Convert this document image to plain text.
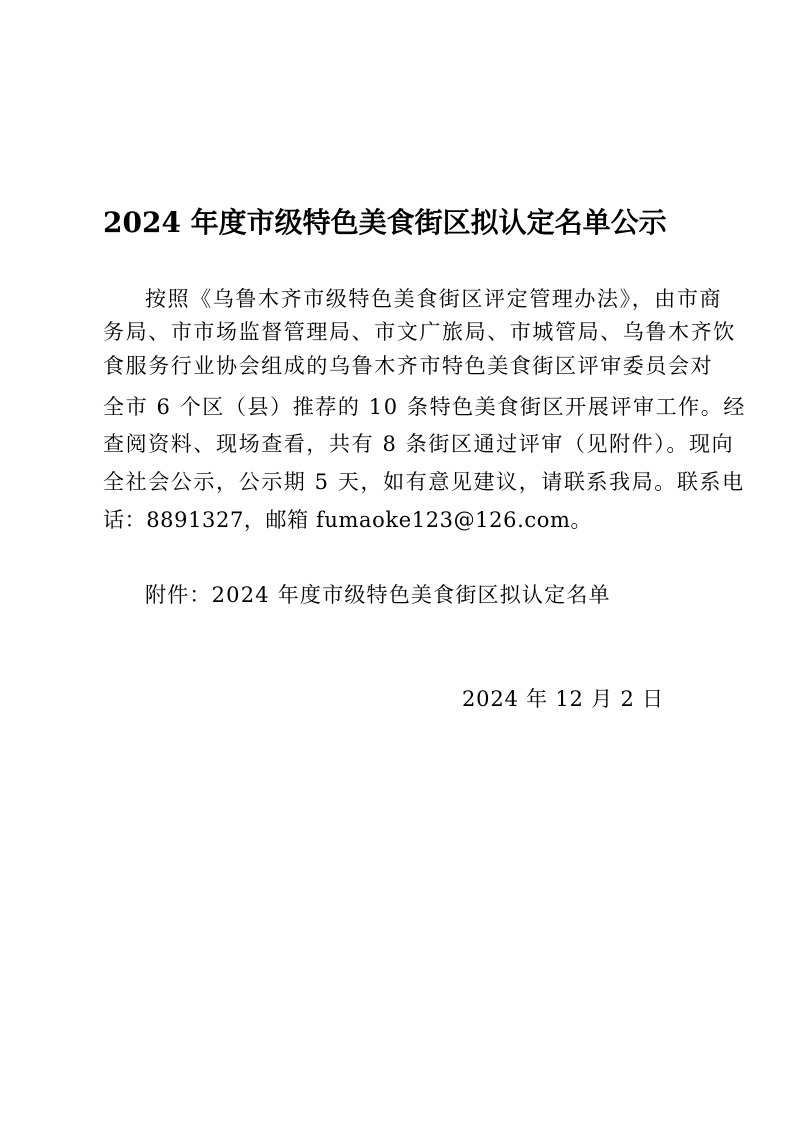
2024 年度市级特色美食街区拟认定名单公示
按照《乌鲁木齐市级特色美食街区评定管理办法》，由市商
务局、市市场监督管理局、市文广旅局、市城管局、乌鲁木齐饮
食服务行业协会组成的乌鲁木齐市特色美食街区评审委员会对
全市 6 个区（县）推荐的 10 条特色美食街区开展评审工作。经
查阅资料、现场查看，共有 8 条街区通过评审（见附件）。现向
全社会公示，公示期 5 天，如有意见建议，请联系我局。联系电
话：8891327，邮箱 fumaoke123@126.com。
附件：2024 年度市级特色美食街区拟认定名单
2024 年 12 月 2 日
